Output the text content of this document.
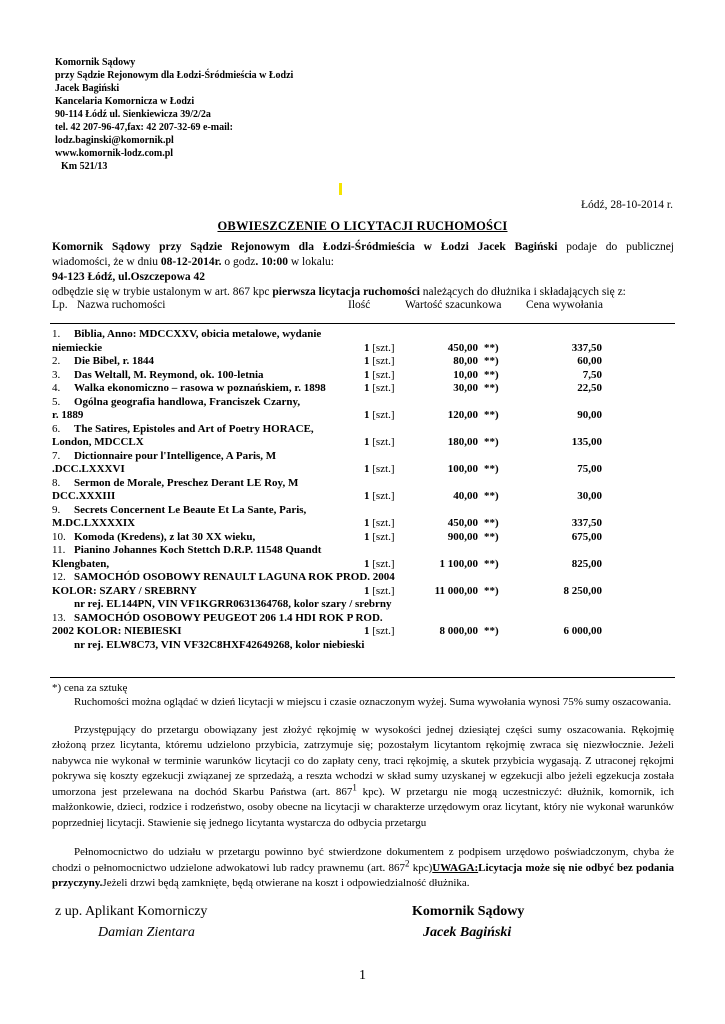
Komornik Sądowy
przy Sądzie Rejonowym dla Łodzi-Śródmieścia w Łodzi
Jacek Bagiński
Kancelaria Komornicza w Łodzi
90-114 Łódź ul. Sienkiewicza 39/2/2a
tel. 42 207-96-47,fax: 42 207-32-69 e-mail:
lodz.baginski@komornik.pl
www.komornik-lodz.com.pl
Km 521/13
Łódź, 28-10-2014 r.
OBWIESZCZENIE O LICYTACJI RUCHOMOŚCI
Komornik Sądowy przy Sądzie Rejonowym dla Łodzi-Śródmieścia w Łodzi Jacek Bagiński podaje do publicznej
wiadomości, że w dniu 08-12-2014r. o godz. 10:00 w lokalu:
94-123 Łódź, ul.Oszczepowa 42
odbędzie się w trybie ustalonym w art. 867 kpc pierwsza licytacja ruchomości należących do dłużnika i składających się z:
Lp. Nazwa ruchomości	Ilość	Wartość szacunkowa Cena wywołania
1. Biblia, Anno: MDCCXXV, obicia metalowe, wydanie
niemieckie	1 [szt.]	450,00 **)	337,50
2. Die Bibel, r. 1844	1 [szt.]	80,00 **)	60,00
3. Das Weltall, M. Reymond, ok. 100-letnia	1 [szt.]	10,00 **)	7,50
4. Walka ekonomiczno – rasowa w poznańskiem, r. 1898	1 [szt.]	30,00 **)	22,50
5. Ogólna geografia handlowa, Franciszek Czarny,
r. 1889	1 [szt.]	120,00 **)	90,00
6. The Satires, Epistoles and Art of Poetry HORACE,
London, MDCCLX	1 [szt.]	180,00 **)	135,00
7. Dictionnaire pour l'Intelligence, A Paris, M
.DCC.LXXXVI	1 [szt.]	100,00 **)	75,00
8. Sermon de Morale, Preschez Derant LE Roy, M
DCC.XXXIII	1 [szt.]	40,00 **)	30,00
9. Secrets Concernent Le Beaute Et La Sante, Paris,
M.DC.LXXXXIX	1 [szt.]	450,00 **)	337,50
10. Komoda (Kredens), z lat 30 XX wieku,	1 [szt.]	900,00 **)	675,00
11. Pianino Johannes Koch Stettch D.R.P. 11548 Quandt
Klengbaten,	1 [szt.]	1 100,00 **)	825,00
12. SAMOCHÓD OSOBOWY RENAULT LAGUNA ROK PROD. 2004
KOLOR: SZARY / SREBRNY	1 [szt.]	11 000,00 **)	8 250,00
nr rej. EL144PN, VIN VF1KGRR0631364768, kolor szary / srebrny
13. SAMOCHÓD OSOBOWY PEUGEOT 206 1.4 HDI ROK P ROD.
2002 KOLOR: NIEBIESKI	1 [szt.]	8 000,00 **)	6 000,00
nr rej. ELW8C73, VIN VF32C8HXF42649268, kolor niebieski
*) cena za sztukę
Ruchomości można oglądać w dzień licytacji w miejscu i czasie oznaczonym wyżej. Suma wywołania wynosi 75% sumy oszacowania.
Przystępujący do przetargu obowiązany jest złożyć rękojmię w wysokości jednej dziesiątej części sumy oszacowania. Rękojmię złożoną przez licytanta, któremu udzielono przybicia, zatrzymuje się; pozostałym licytantom rękojmię zwraca się niezwłocznie. Jeżeli nabywca nie wykonał w terminie warunków licytacji co do zapłaty ceny, traci rękojmię, a skutek przybicia wygasają. Z utraconej rękojmi pokrywa się koszty egzekucji związanej ze sprzedażą, a reszta wchodzi w skład sumy uzyskanej w egzekucji albo jeżeli egzekucja została umorzona jest przelewana na dochód Skarbu Państwa (art. $867^1$ kpc). W przetargu nie mogą uczestniczyć: dłużnik, komornik, ich małżonkowie, dzieci, rodzice i rodzeństwo, osoby obecne na licytacji w charakterze urzędowym oraz licytant, który nie wykonał warunków poprzedniej licytacji. Stawienie się jednego licytanta wystarcza do odbycia przetargu
Pełnomocnictwo do udziału w przetargu powinno być stwierdzone dokumentem z podpisem urzędowo poświadczonym, chyba że chodzi o pełnomocnictwo udzielone adwokatowi lub radcy prawnemu (art. $867^2$ kpc)UWAGA:Licytacja może się nie odbyć bez podania przyczyny.Jeżeli drzwi będą zamknięte, będą otwierane na koszt i odpowiedzialność dłużnika.
z up. Aplikant Komorniczy
Damian Zientara
Komornik Sądowy
Jacek Bagiński
1
